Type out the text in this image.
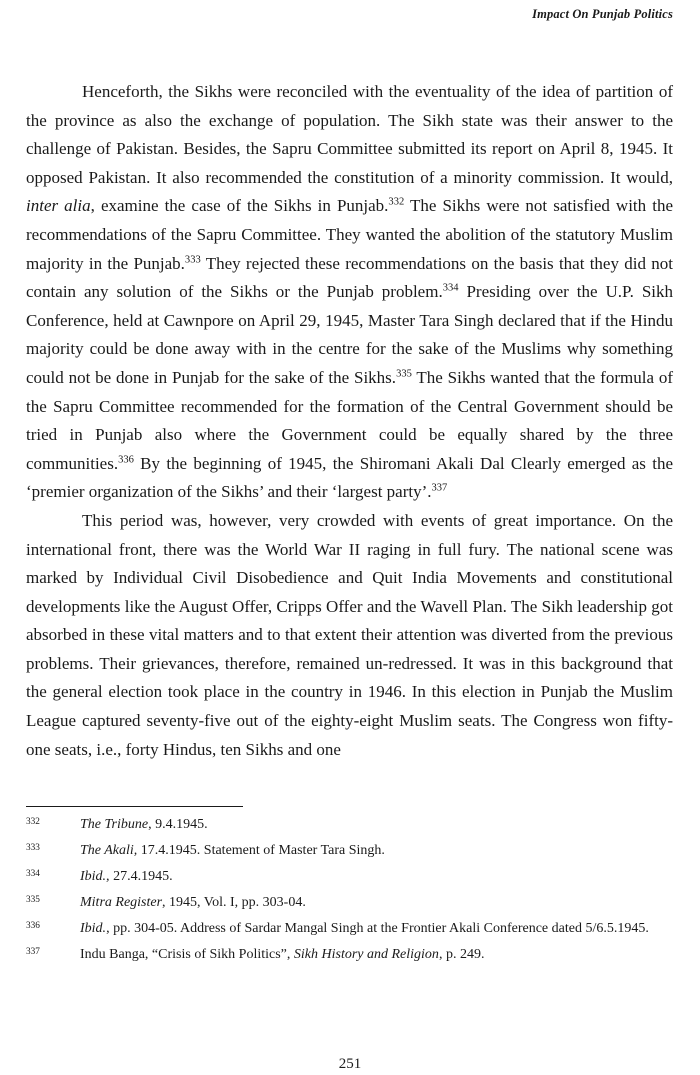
Impact On Punjab Politics

Henceforth, the Sikhs were reconciled with the eventuality of the idea of partition of the province as also the exchange of population. The Sikh state was their answer to the challenge of Pakistan. Besides, the Sapru Committee submitted its report on April 8, 1945. It opposed Pakistan. It also recommended the constitution of a minority commission. It would, inter alia, examine the case of the Sikhs in Punjab.$^{332}$ The Sikhs were not satisfied with the recommendations of the Sapru Committee. They wanted the abolition of the statutory Muslim majority in the Punjab.$^{333}$ They rejected these recommendations on the basis that they did not contain any solution of the Sikhs or the Punjab problem.$^{334}$ Presiding over the U.P. Sikh Conference, held at Cawnpore on April 29, 1945, Master Tara Singh declared that if the Hindu majority could be done away with in the centre for the sake of the Muslims why something could not be done in Punjab for the sake of the Sikhs.$^{335}$ The Sikhs wanted that the formula of the Sapru Committee recommended for the formation of the Central Government should be tried in Punjab also where the Government could be equally shared by the three communities.$^{336}$ By the beginning of 1945, the Shiromani Akali Dal Clearly emerged as the ‘premier organization of the Sikhs’ and their ‘largest party’.$^{337}$

This period was, however, very crowded with events of great importance. On the international front, there was the World War II raging in full fury. The national scene was marked by Individual Civil Disobedience and Quit India Movements and constitutional developments like the August Offer, Cripps Offer and the Wavell Plan. The Sikh leadership got absorbed in these vital matters and to that extent their attention was diverted from the previous problems. Their grievances, therefore, remained un-redressed. It was in this background that the general election took place in the country in 1946. In this election in Punjab the Muslim League captured seventy-five out of the eighty-eight Muslim seats. The Congress won fifty-one seats, i.e., forty Hindus, ten Sikhs and one

332	The Tribune, 9.4.1945.
333	The Akali, 17.4.1945. Statement of Master Tara Singh.
334	Ibid., 27.4.1945.
335	Mitra Register, 1945, Vol. I, pp. 303-04.
336	Ibid., pp. 304-05. Address of Sardar Mangal Singh at the Frontier Akali Conference dated 5/6.5.1945.
337	Indu Banga, “Crisis of Sikh Politics”, Sikh History and Religion, p. 249.
251
